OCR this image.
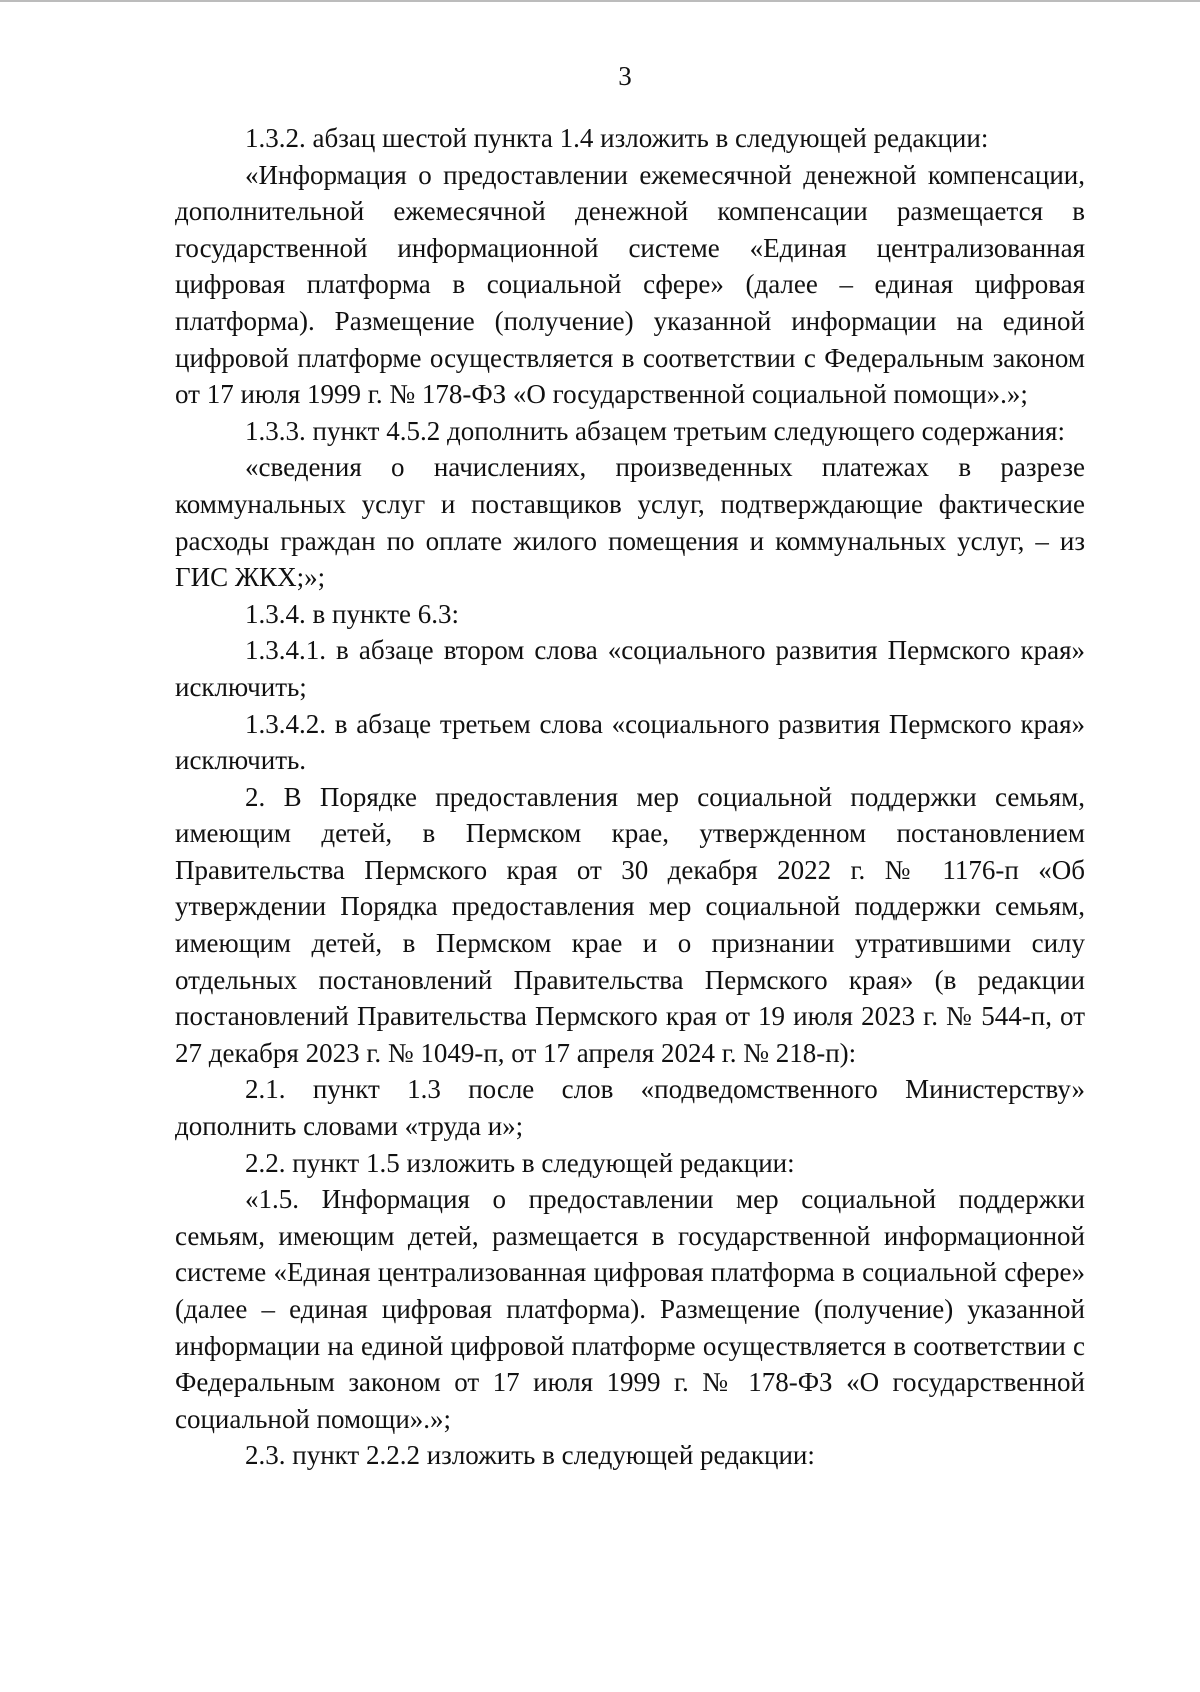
3

1.3.2. абзац шестой пункта 1.4 изложить в следующей редакции:

«Информация о предоставлении ежемесячной денежной компенсации, дополнительной ежемесячной денежной компенсации размещается в государственной информационной системе «Единая централизованная цифровая платформа в социальной сфере» (далее – единая цифровая платформа). Размещение (получение) указанной информации на единой цифровой платформе осуществляется в соответствии с Федеральным законом от 17 июля 1999 г. № 178-ФЗ «О государственной социальной помощи».»;

1.3.3. пункт 4.5.2 дополнить абзацем третьим следующего содержания:

«сведения о начислениях, произведенных платежах в разрезе коммунальных услуг и поставщиков услуг, подтверждающие фактические расходы граждан по оплате жилого помещения и коммунальных услуг, – из ГИС ЖКХ;»;

1.3.4. в пункте 6.3:

1.3.4.1. в абзаце втором слова «социального развития Пермского края» исключить;

1.3.4.2. в абзаце третьем слова «социального развития Пермского края» исключить.

2. В Порядке предоставления мер социальной поддержки семьям, имеющим детей, в Пермском крае, утвержденном постановлением Правительства Пермского края от 30 декабря 2022 г. № 1176-п «Об утверждении Порядка предоставления мер социальной поддержки семьям, имеющим детей, в Пермском крае и о признании утратившими силу отдельных постановлений Правительства Пермского края» (в редакции постановлений Правительства Пермского края от 19 июля 2023 г. № 544-п, от 27 декабря 2023 г. № 1049-п, от 17 апреля 2024 г. № 218-п):

2.1. пункт 1.3 после слов «подведомственного Министерству» дополнить словами «труда и»;

2.2. пункт 1.5 изложить в следующей редакции:

«1.5. Информация о предоставлении мер социальной поддержки семьям, имеющим детей, размещается в государственной информационной системе «Единая централизованная цифровая платформа в социальной сфере» (далее – единая цифровая платформа). Размещение (получение) указанной информации на единой цифровой платформе осуществляется в соответствии с Федеральным законом от 17 июля 1999 г. № 178-ФЗ «О государственной социальной помощи».»;

2.3. пункт 2.2.2 изложить в следующей редакции:
